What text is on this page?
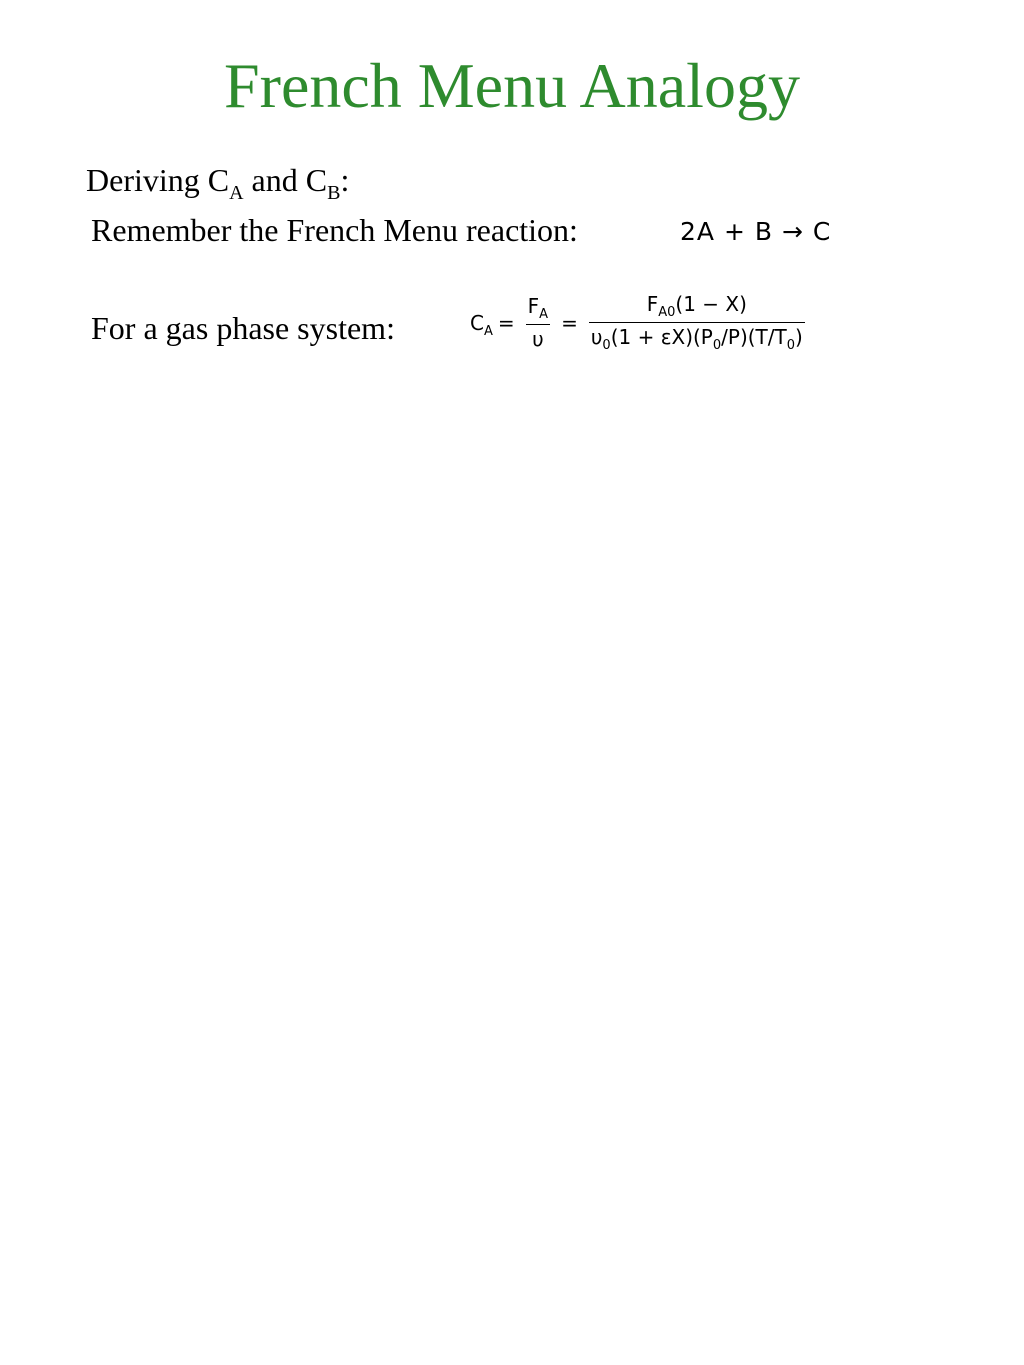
French Menu Analogy
Deriving $C_A$ and $C_B$:
Remember the French Menu reaction:	2A + B → C
For a gas phase system:	$C_A = \frac{F_A}{\upsilon} = \frac{F_{A0}(1 - X)}{\upsilon_0(1 + \varepsilon X)(P_0/P)(T/T_0)}$
